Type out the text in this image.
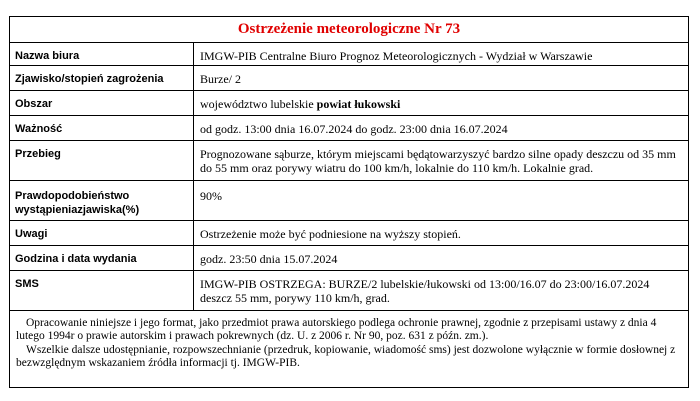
Ostrzeżenie meteorologiczne Nr 73
Nazwa biura	IMGW-PIB Centralne Biuro Prognoz Meteorologicznych - Wydział w Warszawie
Zjawisko/stopień zagrożenia	Burze/ 2
Obszar	województwo lubelskie powiat łukowski
Ważność	od godz. 13:00 dnia 16.07.2024 do godz. 23:00 dnia 16.07.2024
Przebieg	Prognozowane sąburze, którym miejscami będątowarzyszyć bardzo silne opady deszczu od 35 mm do 55 mm oraz porywy wiatru do 100 km/h, lokalnie do 110 km/h. Lokalnie grad.
Prawdopodobieństwo wystąpieniazjawiska(%)	90%
Uwagi	Ostrzeżenie może być podniesione na wyższy stopień.
Godzina i data wydania	godz. 23:50 dnia 15.07.2024
SMS	IMGW-PIB OSTRZEGA: BURZE/2 lubelskie/łukowski od 13:00/16.07 do 23:00/16.07.2024 deszcz 55 mm, porywy 110 km/h, grad.

Opracowanie niniejsze i jego format, jako przedmiot prawa autorskiego podlega ochronie prawnej, zgodnie z przepisami ustawy z dnia 4 lutego 1994r o prawie autorskim i prawach pokrewnych (dz. U. z 2006 r. Nr 90, poz. 631 z późn. zm.).

Wszelkie dalsze udostępnianie, rozpowszechnianie (przedruk, kopiowanie, wiadomość sms) jest dozwolone wyłącznie w formie dosłownej z bezwzględnym wskazaniem źródła informacji tj. IMGW-PIB.
